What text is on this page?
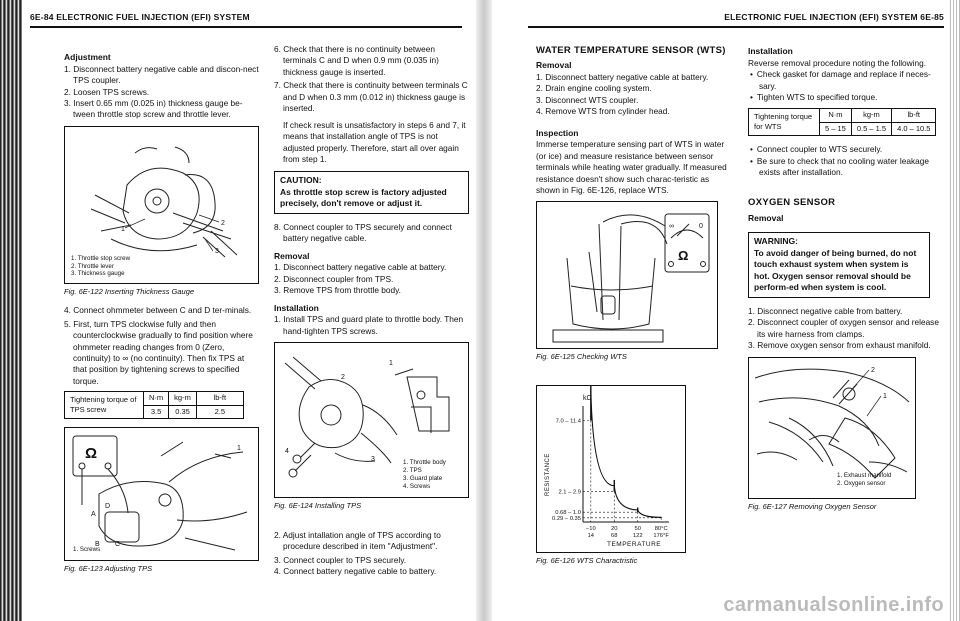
6E-84 ELECTRONIC FUEL INJECTION (EFI) SYSTEM
Adjustment

1. Disconnect battery negative cable and discon-nect TPS coupler.

2. Loosen TPS screws.

3. Insert 0.65 mm (0.025 in) thickness gauge be-tween throttle stop screw and throttle lever.

1
2
3
1. Throttle stop screw
2. Throttle lever
3. Thickness gauge
Fig. 6E-122 Inserting Thickness Gauge

4. Connect ohmmeter between C and D ter-minals.

5. First, turn TPS clockwise fully and then counterclockwise gradually to find position where ohmmeter reading changes from 0 (Zero, continuity) to ∞ (no continuity). Then fix TPS at that position by tightening screws to specified torque.

Tightening torque of TPS screw	N·m	kg-m	lb-ft
	3.5	0.35	2.5
Ω
A
D
B C
1
1. Screws
Fig. 6E-123 Adjusting TPS

6. Check that there is no continuity between terminals C and D when 0.9 mm (0.035 in) thickness gauge is inserted.

7. Check that there is continuity between terminals C and D when 0.3 mm (0.012 in) thickness gauge is inserted.

If check result is unsatisfactory in steps 6 and 7, it means that installation angle of TPS is not adjusted properly. Therefore, start all over again from step 1.

CAUTION:
As throttle stop screw is factory adjusted precisely, don't remove or adjust it.

8. Connect coupler to TPS securely and connect battery negative cable.

Removal

1. Disconnect battery negative cable at battery.

2. Disconnect coupler from TPS.

3. Remove TPS from throttle body.

Installation

1. Install TPS and guard plate to throttle body. Then hand-tighten TPS screws.

1
2
3
4
1. Throttle body
2. TPS
3. Guard plate
4. Screws
Fig. 6E-124 Installing TPS

2. Adjust intallation angle of TPS according to procedure described in item "Adjustment".

3. Connect coupler to TPS securely.

4. Connect battery negative cable to battery.

ELECTRONIC FUEL INJECTION (EFI) SYSTEM 6E-85
WATER TEMPERATURE SENSOR (WTS)
Removal

1. Disconnect battery negative cable at battery.

2. Drain engine cooling system.

3. Disconnect WTS coupler.

4. Remove WTS from cylinder head.

Inspection

Immerse temperature sensing part of WTS in water (or ice) and measure resistance between sensor terminals while heating water gradually. If measured resistance doesn't show such charac-teristic as shown in Fig. 6E-126, replace WTS.

∞	0
Ω
Fig. 6E-125 Checking WTS
kΩ
RESISTANCE
TEMPERATURE
7.0 – 11.4
−10
14
2.1 – 2.9
20
68
0.68 – 1.0
50
122
0.29 – 0.35
80°C
176°F
Fig. 6E-126 WTS Charactristic
Installation

Reverse removal procedure noting the following.

• Check gasket for damage and replace if neces-sary.
• Tighten WTS to specified torque.
Tightening torque for WTS	N·m	kg-m	lb-ft
	5 – 15	0.5 – 1.5	4.0 – 10.5
• Connect coupler to WTS securely.
• Be sure to check that no cooling water leakage exists after installation.
OXYGEN SENSOR
Removal
WARNING:
To avoid danger of being burned, do not touch exhaust system when system is hot. Oxygen sensor removal should be perform-ed when system is cool.

1. Disconnect negative cable from battery.

2. Disconnect coupler of oxygen sensor and release its wire harness from clamps.

3. Remove oxygen sensor from exhaust manifold.

2
1
1. Exhaust manifold
2. Oxygen sensor
Fig. 6E-127 Removing Oxygen Sensor
carmanualsonline.info
